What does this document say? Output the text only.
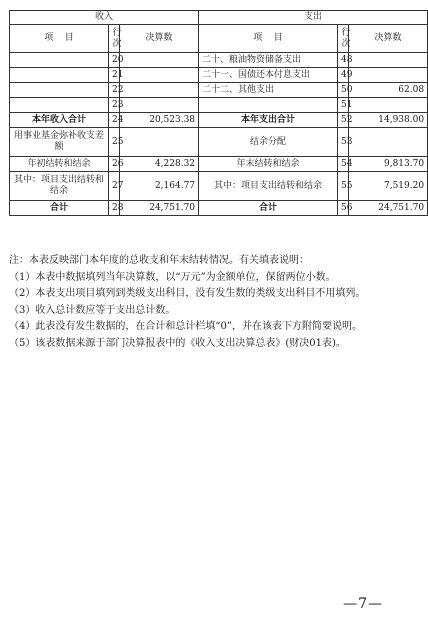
收入			支出		
项    目	行次	决算数	项    目	行次	决算数
	20		二十、粮油物资储备支出	48	
	21		二十一、国债还本付息支出	49	
	22		二十二、其他支出	50	62.08
	23			51	
本年收入合计	24	20,523.38	本年支出合计	52	14,938.00
用事业基金弥补收支差额	25		结余分配	53	
年初结转和结余	26	4,228.32	年末结转和结余	54	9,813.70
其中：项目支出结转和结余	27	2,164.77	其中：项目支出结转和结余	55	7,519.20
合计	28	24,751.70	合计	56	24,751.70

注：本表反映部门本年度的总收支和年末结转情况。有关填表说明：

（1）本表中数据填列当年决算数，以“万元”为金额单位，保留两位小数。

（2）本表支出项目填列到类级支出科目，没有发生数的类级支出科目不用填列。

（3）收入总计数应等于支出总计数。

（4）此表没有发生数据的，在合计和总计栏填“0”，并在该表下方附简要说明。

（5）该表数据来源于部门决算报表中的《收入支出决算总表》(财决01表)。

—7—
